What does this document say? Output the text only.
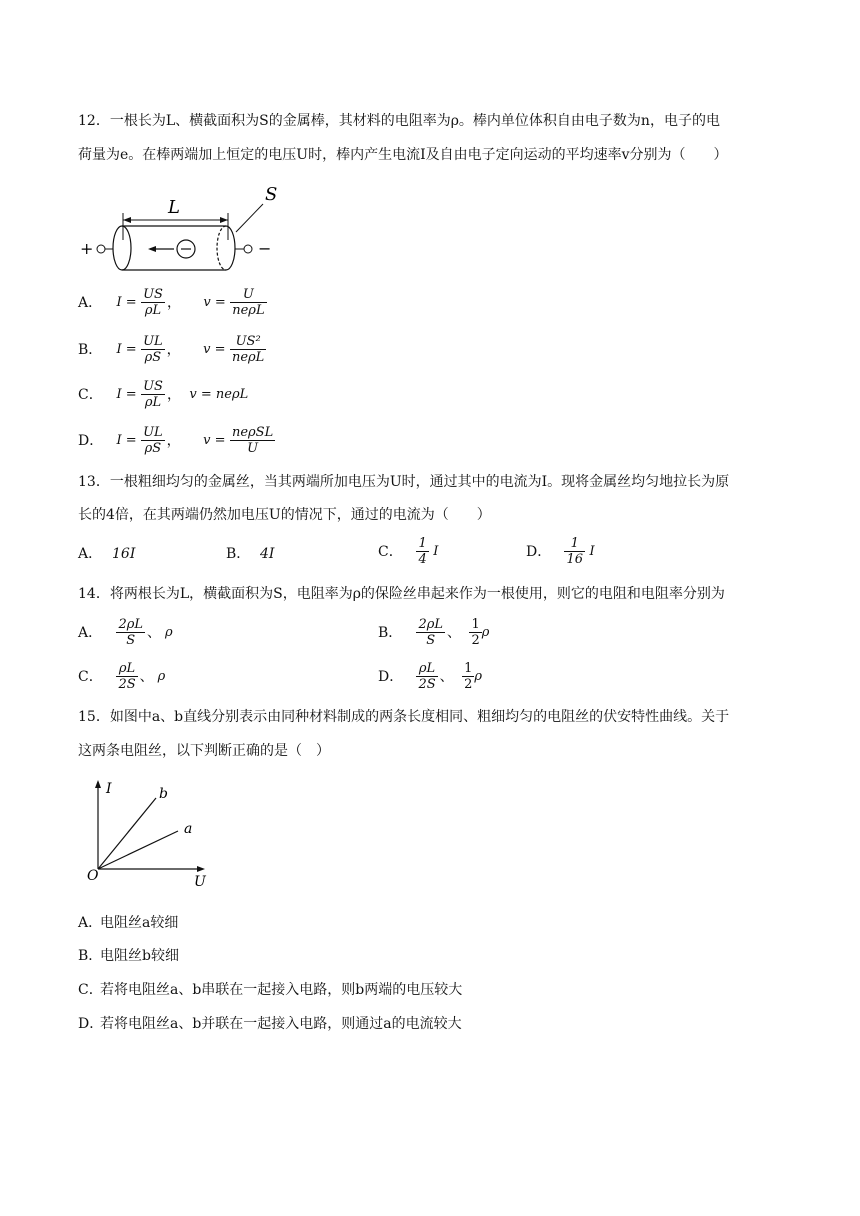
12．一根长为L、横截面积为S的金属棒，其材料的电阻率为ρ。棒内单位体积自由电子数为n，电子的电
荷量为e。在棒两端加上恒定的电压U时，棒内产生电流I及自由电子定向运动的平均速率v分别为（　　）
L
S
+	−
A． $I = \frac{US}{\rho L}$ ， $v = \frac{U}{\text{neρL}}$
B． $I = \frac{UL}{\rho S}$ ， $v = \frac{\text{US²}}{\text{neρL}}$
C． $I = \frac{US}{\rho L}$ ， v = neρL
D． $I = \frac{UL}{\rho S}$ ， $v = \frac{\text{neρSL}}{U}$
13．一根粗细均匀的金属丝，当其两端所加电压为U时，通过其中的电流为I。现将金属丝均匀地拉长为原
长的4倍，在其两端仍然加电压U的情况下，通过的电流为（　　）
A． 16I	B． 4I	C． $\frac{1}{4}$ I	D． $\frac{1}{16}$ I
14．将两根长为L，横截面积为S，电阻率为ρ的保险丝串起来作为一根使用，则它的电阻和电阻率分别为
A． $\frac{2\rho L}{S}$ 、 ρ	B． $\frac{2\rho L}{S}$ 、 $\frac{1}{2}$ ρ
C． $\frac{\rho L}{2S}$ 、 ρ	D． $\frac{\rho L}{2S}$ 、 $\frac{1}{2}$ ρ
15．如图中a、b直线分别表示由同种材料制成的两条长度相同、粗细均匀的电阻丝的伏安特性曲线。关于
这两条电阻丝，以下判断正确的是（　）
I
U
O
b
a
A．电阻丝a较细
B．电阻丝b较细
C．若将电阻丝a、b串联在一起接入电路，则b两端的电压较大
D．若将电阻丝a、b并联在一起接入电路，则通过a的电流较大
